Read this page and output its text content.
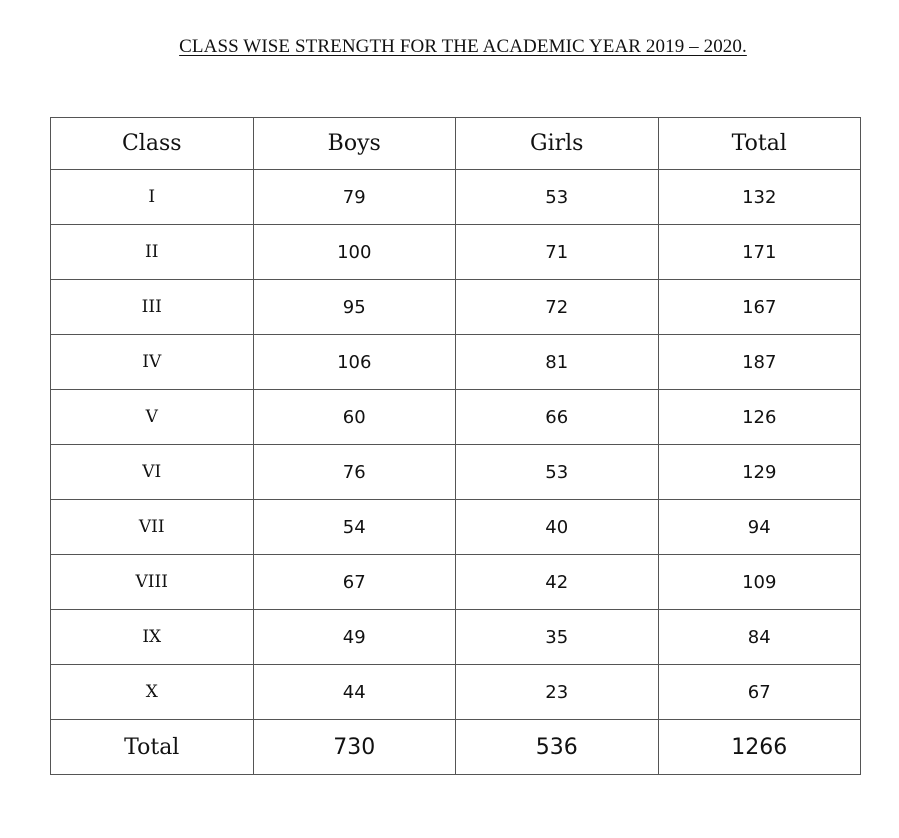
CLASS WISE STRENGTH FOR THE ACADEMIC YEAR 2019 – 2020.
Class	Boys	Girls	Total
I	79	53	132
II	100	71	171
III	95	72	167
IV	106	81	187
V	60	66	126
VI	76	53	129
VII	54	40	94
VIII	67	42	109
IX	49	35	84
X	44	23	67
Total	730	536	1266
